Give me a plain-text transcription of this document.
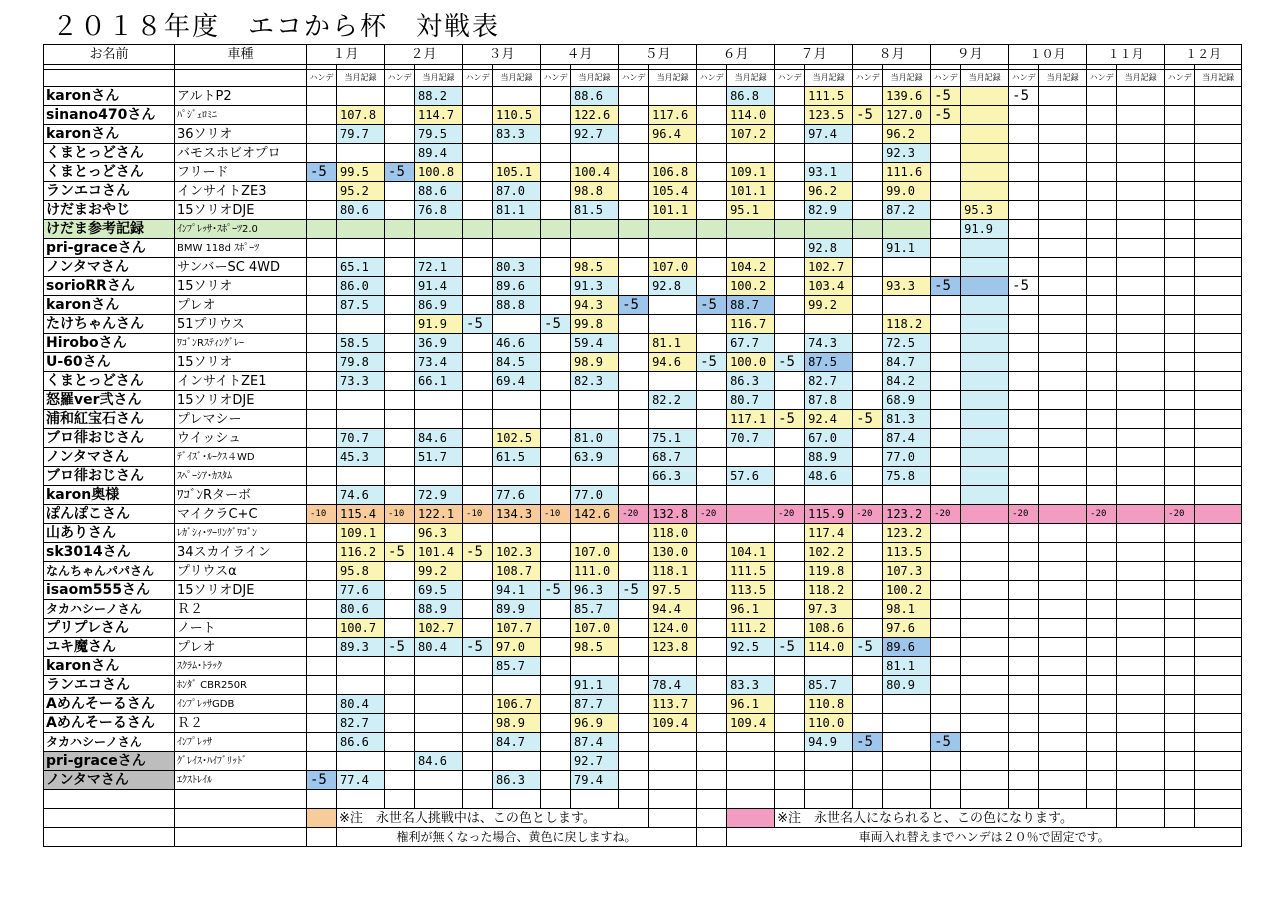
２０１８年度　エコから杯　対戦表
お名前	車種	１月		２月		３月		４月		５月		６月		７月		８月		９月		１０月		１１月		１２月	

		ハンデ	当月記録	ハンデ	当月記録	ハンデ	当月記録	ハンデ	当月記録	ハンデ	当月記録	ハンデ	当月記録	ハンデ	当月記録	ハンデ	当月記録	ハンデ	当月記録	ハンデ	当月記録	ハンデ	当月記録	ハンデ	当月記録
karonさん	アルトP2				88.2				88.6				86.8		111.5		139.6	-5		-5					
sinano470さん	ﾊﾟｼﾞｪﾛﾐﾆ		107.8		114.7		110.5		122.6		117.6		114.0		123.5	-5	127.0	-5							
karonさん	36ソリオ		79.7		79.5		83.3		92.7		96.4		107.2		97.4		96.2								
くまとっどさん	バモスホビオプロ				89.4												92.3								
くまとっどさん	フリード	-5	99.5	-5	100.8		105.1		100.4		106.8		109.1		93.1		111.6								
ランエコさん	インサイトZE3		95.2		88.6		87.0		98.8		105.4		101.1		96.2		99.0								
けだまおやじ	15ソリオDJE		80.6		76.8		81.1		81.5		101.1		95.1		82.9		87.2		95.3						
けだま参考記録	ｲﾝﾌﾟﾚｯｻ･ｽﾎﾟｰﾂ2.0																		91.9						
pri-graceさん	BMW 118d ｽﾎﾟｰﾂ														92.8		91.1								
ノンタマさん	サンバーSC 4WD		65.1		72.1		80.3		98.5		107.0		104.2		102.7										
sorioRRさん	15ソリオ		86.0		91.4		89.6		91.3		92.8		100.2		103.4		93.3	-5		-5					
karonさん	プレオ		87.5		86.9		88.8		94.3	-5		-5	88.7		99.2										
たけちゃんさん	51プリウス				91.9	-5		-5	99.8				116.7				118.2								
Hiroboさん	ﾜｺﾞﾝRｽﾃｨﾝｸﾞﾚｰ		58.5		36.9		46.6		59.4		81.1		67.7		74.3		72.5								
U-60さん	15ソリオ		79.8		73.4		84.5		98.9		94.6	-5	100.0	-5	87.5		84.7								
くまとっどさん	インサイトZE1		73.3		66.1		69.4		82.3				86.3		82.7		84.2								
怒羅ver弐さん	15ソリオDJE										82.2		80.7		87.8		68.9								
浦和紅宝石さん	プレマシー												117.1	-5	92.4	-5	81.3								
ブロ徘おじさん	ウイッシュ		70.7		84.6		102.5		81.0		75.1		70.7		67.0		87.4								
ノンタマさん	ﾃﾞｲｽﾞ･ﾙｰｸｽ４WD		45.3		51.7		61.5		63.9		68.7				88.9		77.0								
ブロ徘おじさん	ｽﾍﾟｰｼｱ･ｶｽﾀﾑ										66.3		57.6		48.6		75.8								
karon奥様	ﾜｺﾞﾝRターボ		74.6		72.9		77.6		77.0																
ぽんぽこさん	マイクラC+C	-10	115.4	-10	122.1	-10	134.3	-10	142.6	-20	132.8	-20		-20	115.9	-20	123.2	-20		-20		-20		-20	
山ありさん	ﾚｶﾞｼｨ･ﾂｰﾘﾝｸﾞﾜｺﾞﾝ		109.1		96.3						118.0				117.4		123.2								
sk3014さん	34スカイライン		116.2	-5	101.4	-5	102.3		107.0		130.0		104.1		102.2		113.5								
なんちゃんパパさん	プリウスα		95.8		99.2		108.7		111.0		118.1		111.5		119.8		107.3								
isaom555さん	15ソリオDJE		77.6		69.5		94.1	-5	96.3	-5	97.5		113.5		118.2		100.2								
タカハシーノさん	Ｒ２		80.6		88.9		89.9		85.7		94.4		96.1		97.3		98.1								
プリプレさん	ノート		100.7		102.7		107.7		107.0		124.0		111.2		108.6		97.6								
ユキ魔さん	プレオ		89.3	-5	80.4	-5	97.0		98.5		123.8		92.5	-5	114.0	-5	89.6								
karonさん	ｽｸﾗﾑ･ﾄﾗｯｸ						85.7										81.1								
ランエコさん	ﾎﾝﾀﾞ CBR250R								91.1		78.4		83.3		85.7		80.9								
Aめんそーるさん	ｲﾝﾌﾟﾚｯｻGDB		80.4				106.7		87.7		113.7		96.1		110.8										
Aめんそーるさん	Ｒ２		82.7				98.9		96.9		109.4		109.4		110.0										
タカハシーノさん	ｲﾝﾌﾟﾚｯｻ		86.6				84.7		87.4						94.9	-5		-5							
pri-graceさん	ｸﾞﾚｲｽ･ﾊｲﾌﾞﾘｯﾄﾞ				84.6				92.7																
ノンタマさん	ｴｸｽﾄﾚｲﾙ	-5	77.4				86.3		79.4																

			※注　永世名人挑戦中は、この色とします。											※注　永世名人になられると、この色になります。											
			権利が無くなった場合、黄色に戻しますね。										車両入れ替えまでハンデは２０％で固定です。												
